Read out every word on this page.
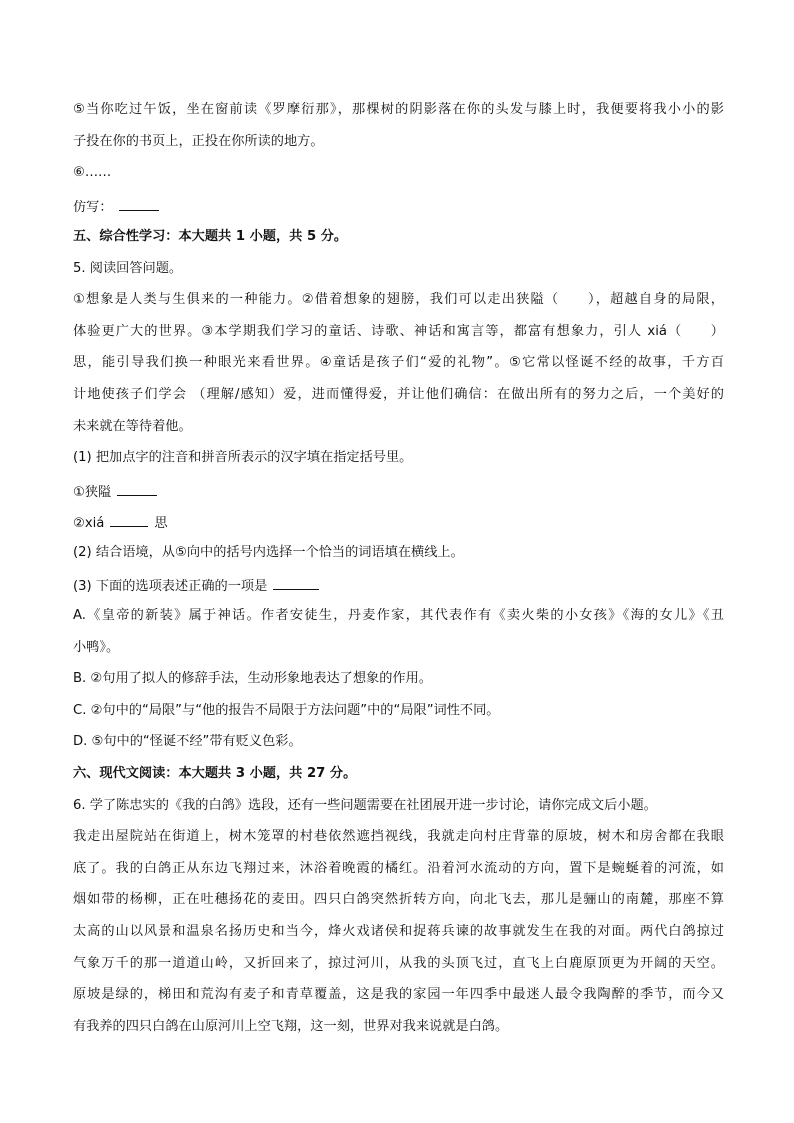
⑤当你吃过午饭，坐在窗前读《罗摩衍那》，那棵树的阴影落在你的头发与膝上时，我便要将我小小的影
子投在你的书页上，正投在你所读的地方。
⑥……
仿写：
五、综合性学习：本大题共 1 小题，共 5 分。
5. 阅读回答问题。
①想象是人类与生俱来的一种能力。②借着想象的翅膀，我们可以走出狭隘（　　），超越自身的局限，
体验更广大的世界。③本学期我们学习的童话、诗歌、神话和寓言等，都富有想象力，引人 xiá（　　）
思，能引导我们换一种眼光来看世界。④童话是孩子们“爱的礼物”。⑤它常以怪诞不经的故事，千方百
计地使孩子们学会 （理解/感知）爱，进而懂得爱，并让他们确信：在做出所有的努力之后，一个美好的
未来就在等待着他。
(1) 把加点字的注音和拼音所表示的汉字填在指定括号里。
①狭隘
②xiá	思
(2) 结合语境，从⑤向中的括号内选择一个恰当的词语填在横线上。
(3) 下面的选项表述正确的一项是
A.《皇帝的新装》属于神话。作者安徒生，丹麦作家，其代表作有《卖火柴的小女孩》《海的女儿》《丑
小鸭》。
B. ②句用了拟人的修辞手法，生动形象地表达了想象的作用。
C. ②句中的“局限”与“他的报告不局限于方法问题”中的“局限”词性不同。
D. ⑤句中的“怪诞不经”带有贬义色彩。
六、现代文阅读：本大题共 3 小题，共 27 分。
6. 学了陈忠实的《我的白鸽》选段，还有一些问题需要在社团展开进一步讨论，请你完成文后小题。
我走出屋院站在街道上，树木笼罩的村巷依然遮挡视线，我就走向村庄背靠的原坡，树木和房舍都在我眼
底了。我的白鸽正从东边飞翔过来，沐浴着晚霞的橘红。沿着河水流动的方向，置下是蜿蜒着的河流，如
烟如带的杨柳，正在吐穗扬花的麦田。四只白鸽突然折转方向，向北飞去，那儿是骊山的南麓，那座不算
太高的山以风景和温泉名扬历史和当今，烽火戏诸侯和捉蒋兵谏的故事就发生在我的对面。两代白鸽掠过
气象万千的那一道道山岭，又折回来了，掠过河川，从我的头顶飞过，直飞上白鹿原顶更为开阔的天空。
原坡是绿的，梯田和荒沟有麦子和青草覆盖，这是我的家园一年四季中最迷人最令我陶醉的季节，而今又
有我养的四只白鸽在山原河川上空飞翔，这一刻，世界对我来说就是白鸽。
